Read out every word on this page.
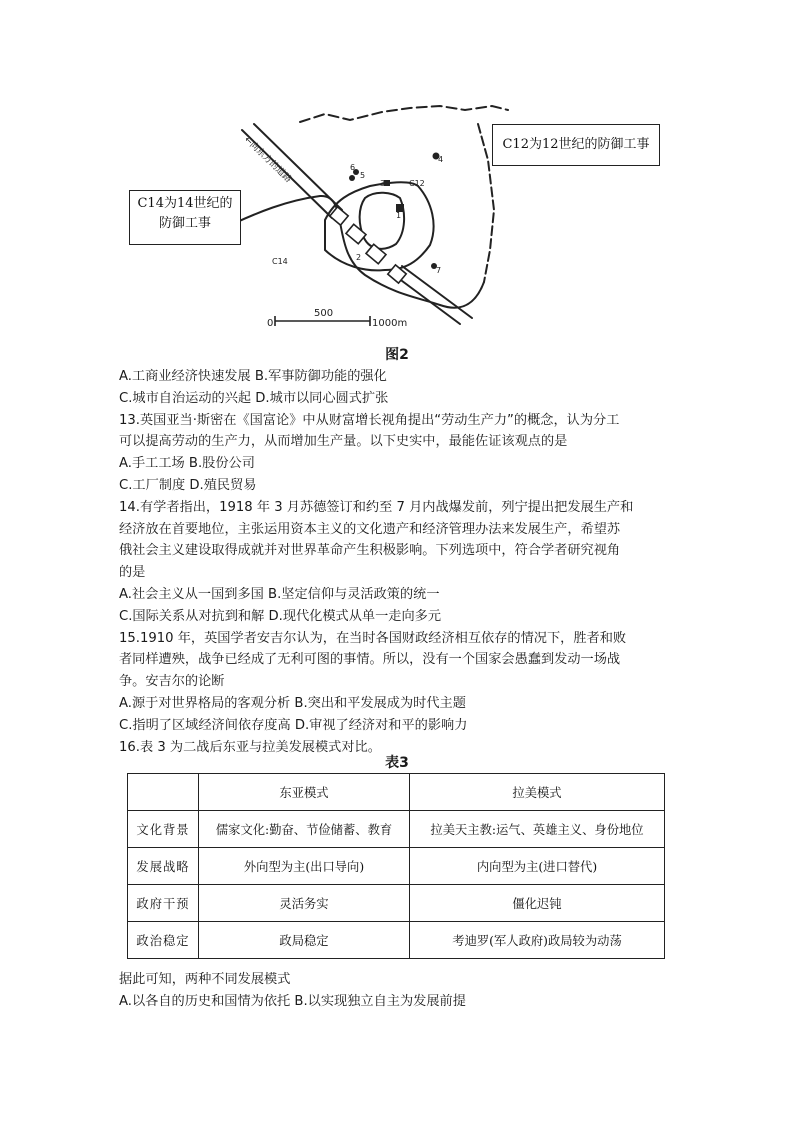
←向东方的道路	C12
C14
1
2
3
4
5
6
7
0
500
1000m
C12为12世纪的防御工事
C14为14世纪的
防御工事
图2
A.工商业经济快速发展 B.军事防御功能的强化
C.城市自治运动的兴起 D.城市以同心圆式扩张
13.英国亚当·斯密在《国富论》中从财富增长视角提出“劳动生产力”的概念，认为分工
可以提高劳动的生产力，从而增加生产量。以下史实中，最能佐证该观点的是
A.手工工场 B.股份公司
C.工厂制度 D.殖民贸易
14.有学者指出，1918 年 3 月苏德签订和约至 7 月内战爆发前，列宁提出把发展生产和
经济放在首要地位，主张运用资本主义的文化遗产和经济管理办法来发展生产，希望苏
俄社会主义建设取得成就并对世界革命产生积极影响。下列选项中，符合学者研究视角
的是
A.社会主义从一国到多国 B.坚定信仰与灵活政策的统一
C.国际关系从对抗到和解 D.现代化模式从单一走向多元
15.1910 年，英国学者安吉尔认为，在当时各国财政经济相互依存的情况下，胜者和败
者同样遭殃，战争已经成了无利可图的事情。所以，没有一个国家会愚蠢到发动一场战
争。安吉尔的论断
A.源于对世界格局的客观分析 B.突出和平发展成为时代主题
C.指明了区域经济间依存度高 D.审视了经济对和平的影响力
16.表 3 为二战后东亚与拉美发展模式对比。
表3
	东亚模式	拉美模式
文化背景	儒家文化:勤奋、节俭储蓄、教育	拉美天主教:运气、英雄主义、身份地位
发展战略	外向型为主(出口导向)	内向型为主(进口替代)
政府干预	灵活务实	僵化迟钝
政治稳定	政局稳定	考迪罗(军人政府)政局较为动荡
据此可知，两种不同发展模式
A.以各自的历史和国情为依托 B.以实现独立自主为发展前提
